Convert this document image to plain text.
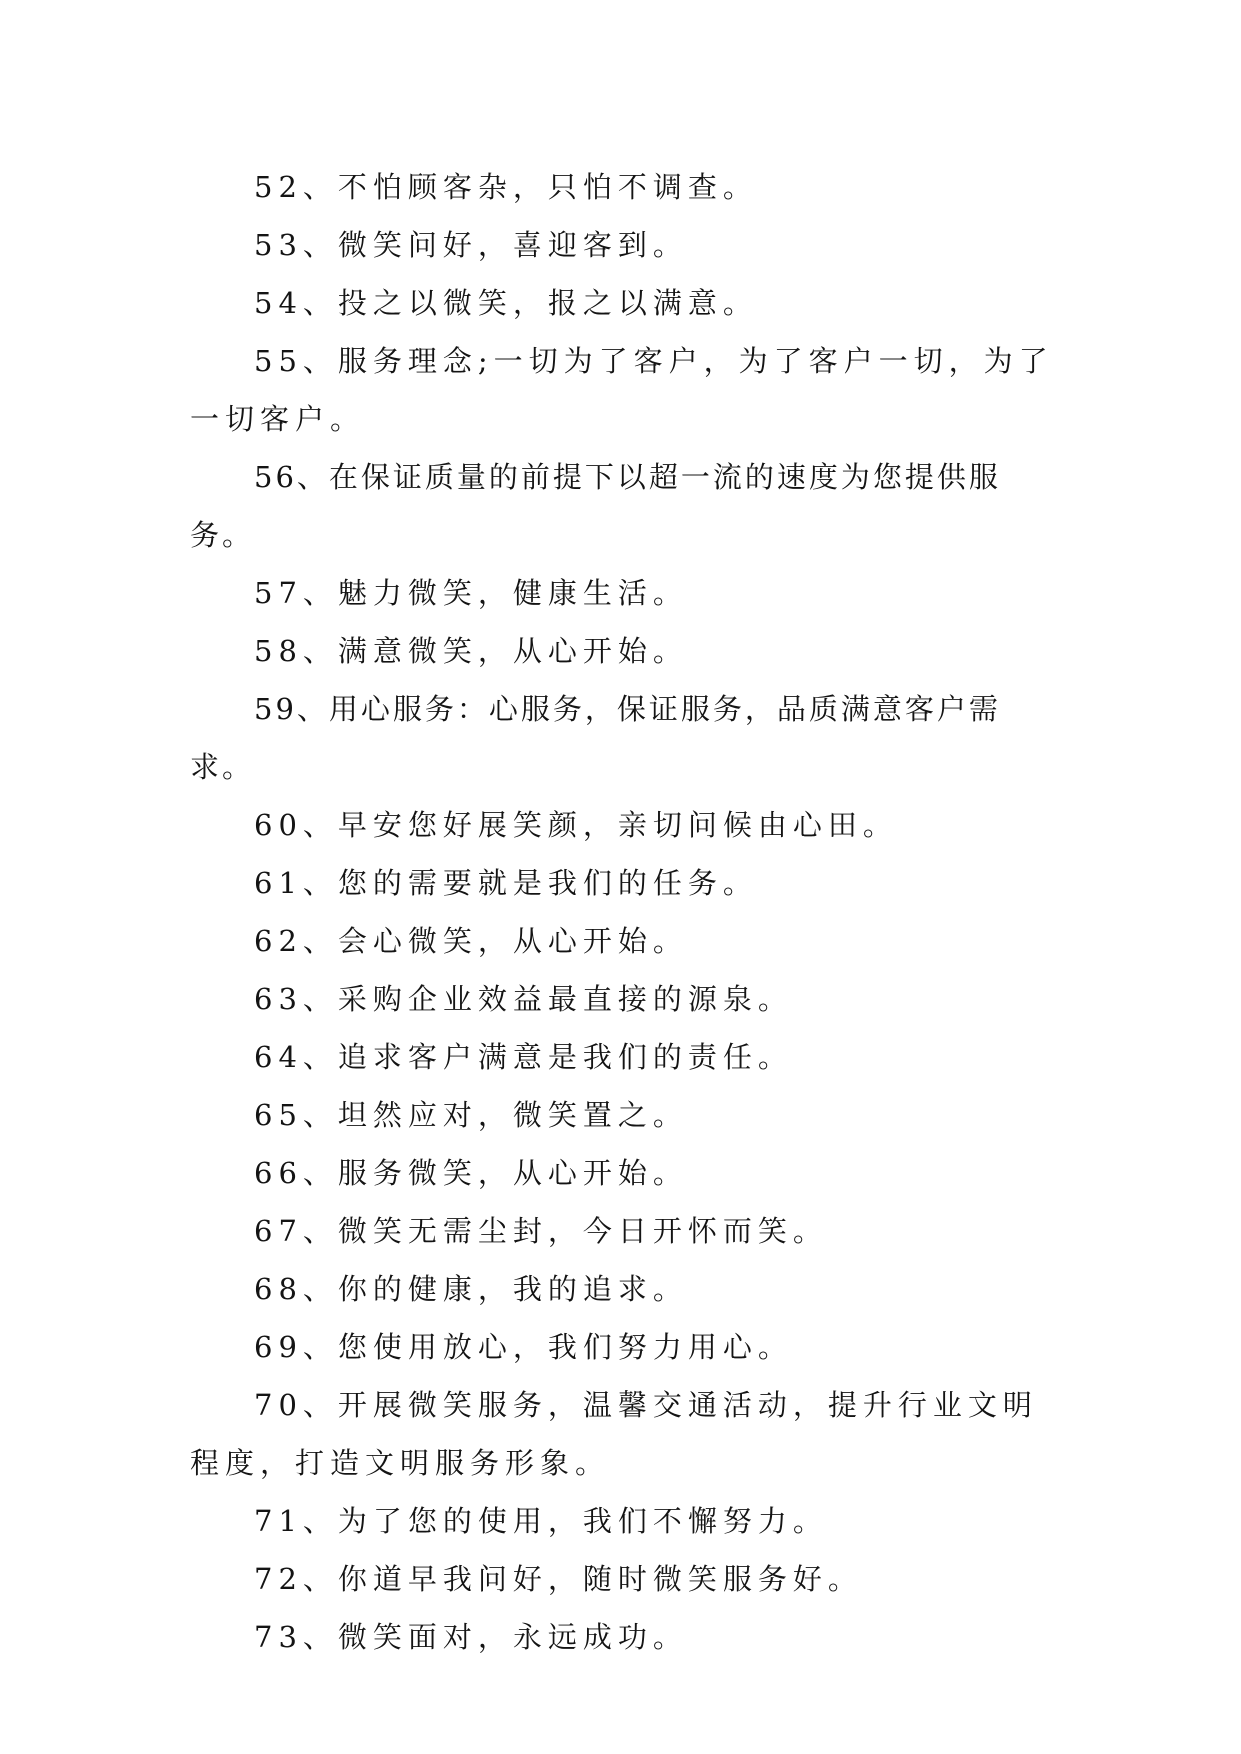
52、不怕顾客杂，只怕不调查。

53、微笑问好，喜迎客到。

54、投之以微笑，报之以满意。

55、服务理念;一切为了客户，为了客户一切，为了一切客户。

56、在保证质量的前提下以超一流的速度为您提供服务。

57、魅力微笑，健康生活。

58、满意微笑，从心开始。

59、用心服务：心服务，保证服务，品质满意客户需求。

60、早安您好展笑颜，亲切问候由心田。

61、您的需要就是我们的任务。

62、会心微笑，从心开始。

63、采购企业效益最直接的源泉。

64、追求客户满意是我们的责任。

65、坦然应对，微笑置之。

66、服务微笑，从心开始。

67、微笑无需尘封，今日开怀而笑。

68、你的健康，我的追求。

69、您使用放心，我们努力用心。

70、开展微笑服务，温馨交通活动，提升行业文明程度，打造文明服务形象。

71、为了您的使用，我们不懈努力。

72、你道早我问好，随时微笑服务好。

73、微笑面对，永远成功。
